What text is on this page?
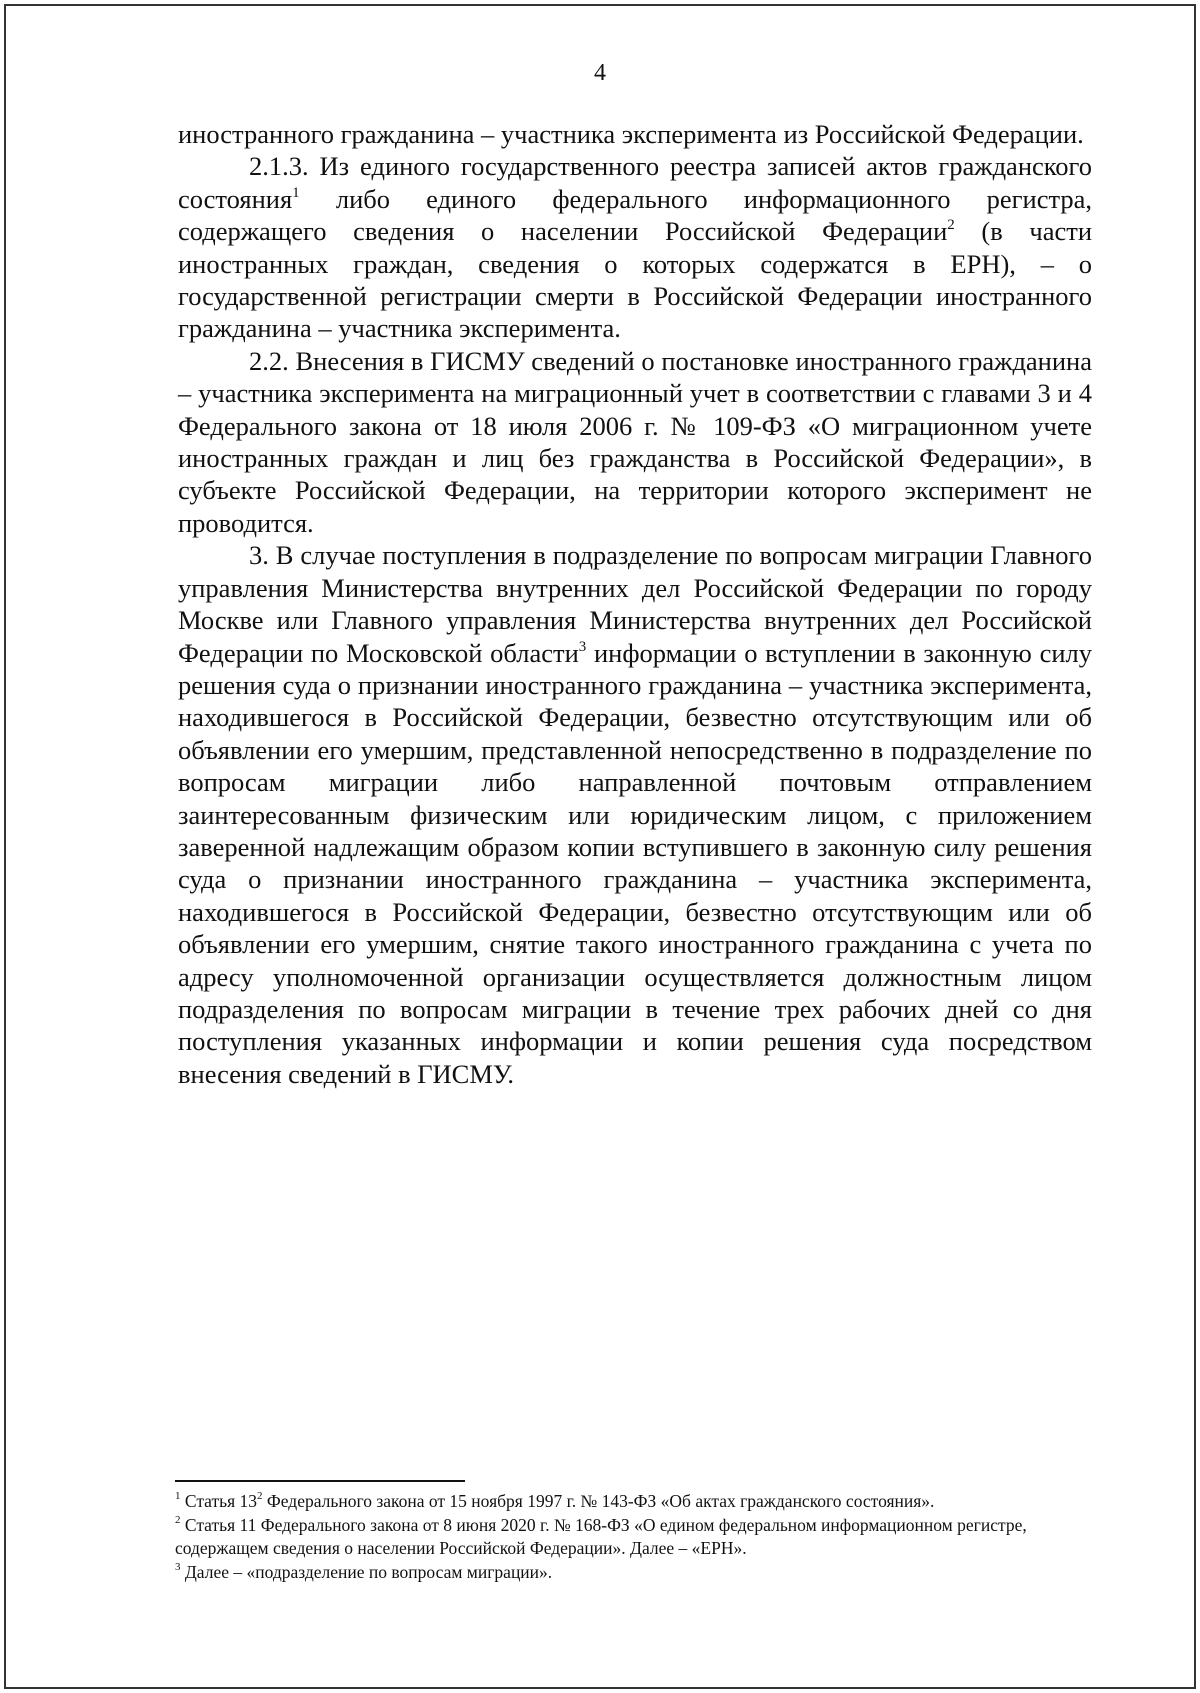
4

иностранного гражданина – участника эксперимента из Российской Федерации.

2.1.3. Из единого государственного реестра записей актов гражданского состояния$^1$ либо единого федерального информационного регистра, содержащего сведения о населении Российской Федерации$^2$ (в части иностранных граждан, сведения о которых содержатся в ЕРН), – о государственной регистрации смерти в Российской Федерации иностранного гражданина – участника эксперимента.

2.2. Внесения в ГИСМУ сведений о постановке иностранного гражданина – участника эксперимента на миграционный учет в соответствии с главами 3 и 4 Федерального закона от 18 июля 2006 г. № 109-ФЗ «О миграционном учете иностранных граждан и лиц без гражданства в Российской Федерации», в субъекте Российской Федерации, на территории которого эксперимент не проводится.

3. В случае поступления в подразделение по вопросам миграции Главного управления Министерства внутренних дел Российской Федерации по городу Москве или Главного управления Министерства внутренних дел Российской Федерации по Московской области$^3$ информации о вступлении в законную силу решения суда о признании иностранного гражданина – участника эксперимента, находившегося в Российской Федерации, безвестно отсутствующим или об объявлении его умершим, представленной непосредственно в подразделение по вопросам миграции либо направленной почтовым отправлением заинтересованным физическим или юридическим лицом, с приложением заверенной надлежащим образом копии вступившего в законную силу решения суда о признании иностранного гражданина – участника эксперимента, находившегося в Российской Федерации, безвестно отсутствующим или об объявлении его умершим, снятие такого иностранного гражданина с учета по адресу уполномоченной организации осуществляется должностным лицом подразделения по вопросам миграции в течение трех рабочих дней со дня поступления указанных информации и копии решения суда посредством внесения сведений в ГИСМУ.

$^1$ Статья $13^2$ Федерального закона от 15 ноября 1997 г. № 143-ФЗ «Об актах гражданского состояния».

$^2$ Статья 11 Федерального закона от 8 июня 2020 г. № 168-ФЗ «О едином федеральном информационном регистре, содержащем сведения о населении Российской Федерации». Далее – «ЕРН».

$^3$ Далее – «подразделение по вопросам миграции».
